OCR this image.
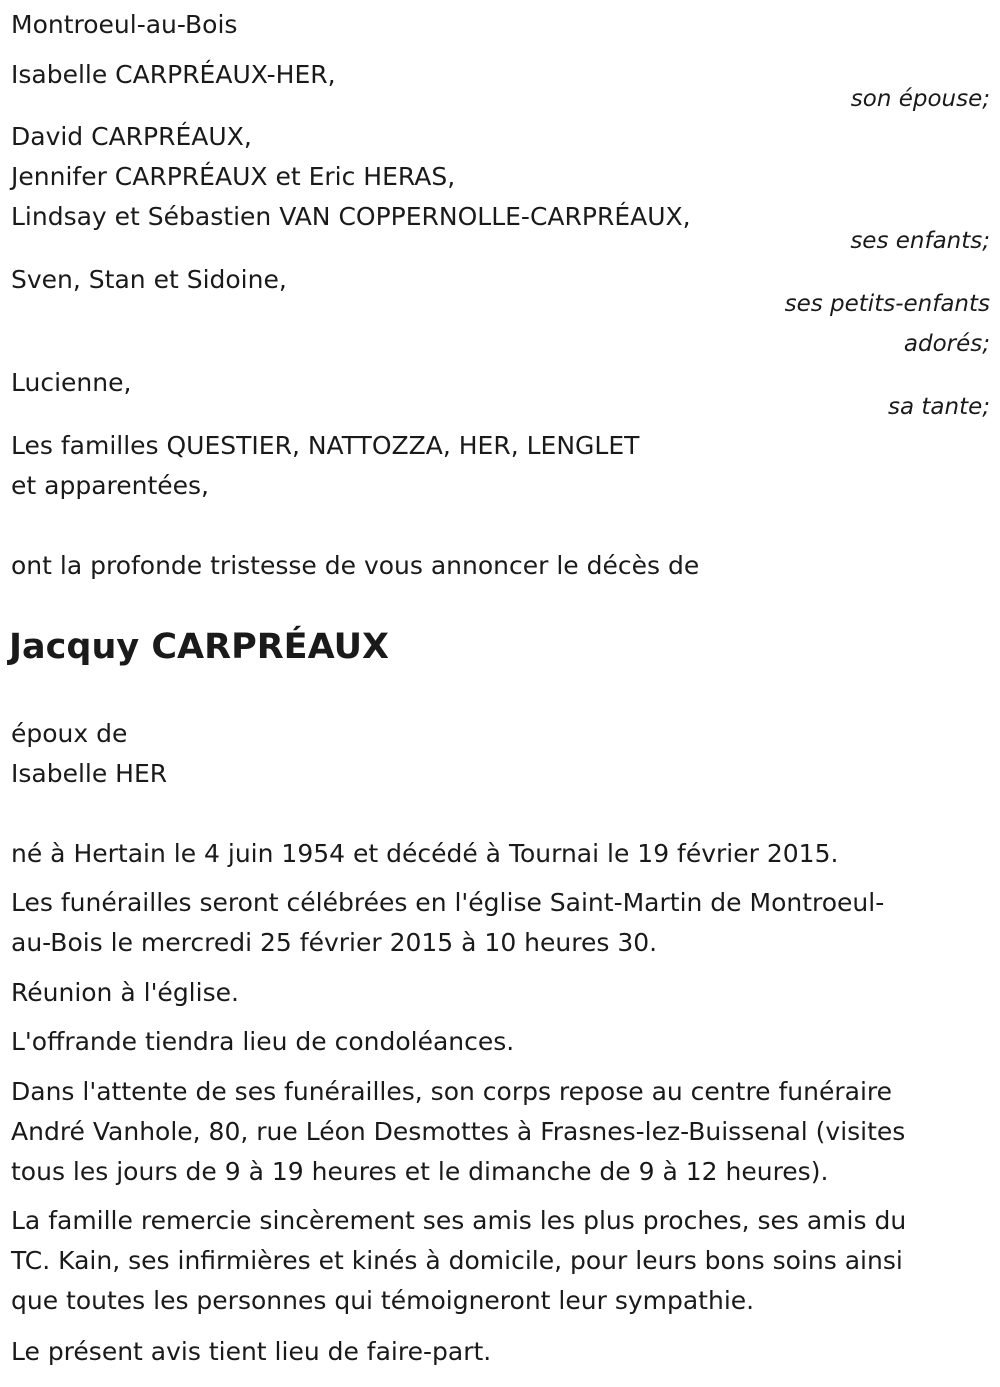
Montroeul-au-Bois

Isabelle CARPRÉAUX-HER,

son épouse;

David CARPRÉAUX,

Jennifer CARPRÉAUX et Eric HERAS,

Lindsay et Sébastien VAN COPPERNOLLE-CARPRÉAUX,

ses enfants;

Sven, Stan et Sidoine,

ses petits-enfants

adorés;

Lucienne,

sa tante;

Les familles QUESTIER, NATTOZZA, HER, LENGLET

et apparentées,

ont la profonde tristesse de vous annoncer le décès de

Jacquy CARPRÉAUX

époux de

Isabelle HER

né à Hertain le 4 juin 1954 et décédé à Tournai le 19 février 2015.

Les funérailles seront célébrées en l'église Saint-Martin de Montroeul-

au-Bois le mercredi 25 février 2015 à 10 heures 30.

Réunion à l'église.

L'offrande tiendra lieu de condoléances.

Dans l'attente de ses funérailles, son corps repose au centre funéraire

André Vanhole, 80, rue Léon Desmottes à Frasnes-lez-Buissenal (visites

tous les jours de 9 à 19 heures et le dimanche de 9 à 12 heures).

La famille remercie sincèrement ses amis les plus proches, ses amis du

TC. Kain, ses infirmières et kinés à domicile, pour leurs bons soins ainsi

que toutes les personnes qui témoigneront leur sympathie.

Le présent avis tient lieu de faire-part.
